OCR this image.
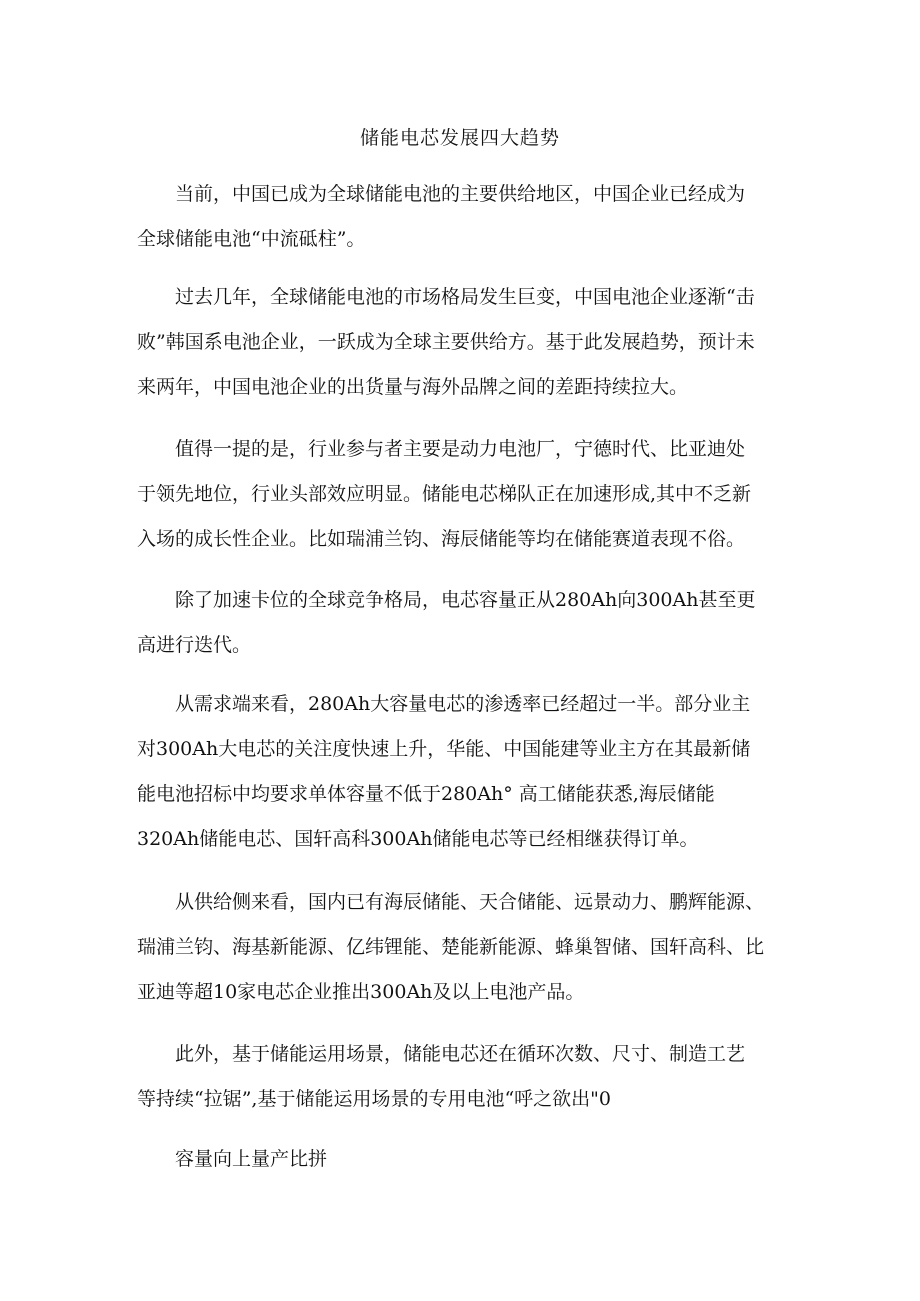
储能电芯发展四大趋势
当前，中国已成为全球储能电池的主要供给地区，中国企业已经成为
全球储能电池“中流砥柱”。
过去几年，全球储能电池的市场格局发生巨变，中国电池企业逐渐“击
败”韩国系电池企业，一跃成为全球主要供给方。基于此发展趋势，预计未
来两年，中国电池企业的出货量与海外品牌之间的差距持续拉大。
值得一提的是，行业参与者主要是动力电池厂，宁德时代、比亚迪处
于领先地位，行业头部效应明显。储能电芯梯队正在加速形成,其中不乏新
入场的成长性企业。比如瑞浦兰钧、海辰储能等均在储能赛道表现不俗。
除了加速卡位的全球竞争格局，电芯容量正从280Ah向300Ah甚至更
高进行迭代。
从需求端来看，280Ah大容量电芯的渗透率已经超过一半。部分业主
对300Ah大电芯的关注度快速上升，华能、中国能建等业主方在其最新储
能电池招标中均要求单体容量不低于280Ah° 高工储能获悉,海辰储能
320Ah储能电芯、国轩高科300Ah储能电芯等已经相继获得订单。
从供给侧来看，国内已有海辰储能、天合储能、远景动力、鹏辉能源、
瑞浦兰钧、海基新能源、亿纬锂能、楚能新能源、蜂巢智储、国轩高科、比
亚迪等超10家电芯企业推出300Ah及以上电池产品。
此外，基于储能运用场景，储能电芯还在循环次数、尺寸、制造工艺
等持续“拉锯”,基于储能运用场景的专用电池“呼之欲出"0
容量向上量产比拼
